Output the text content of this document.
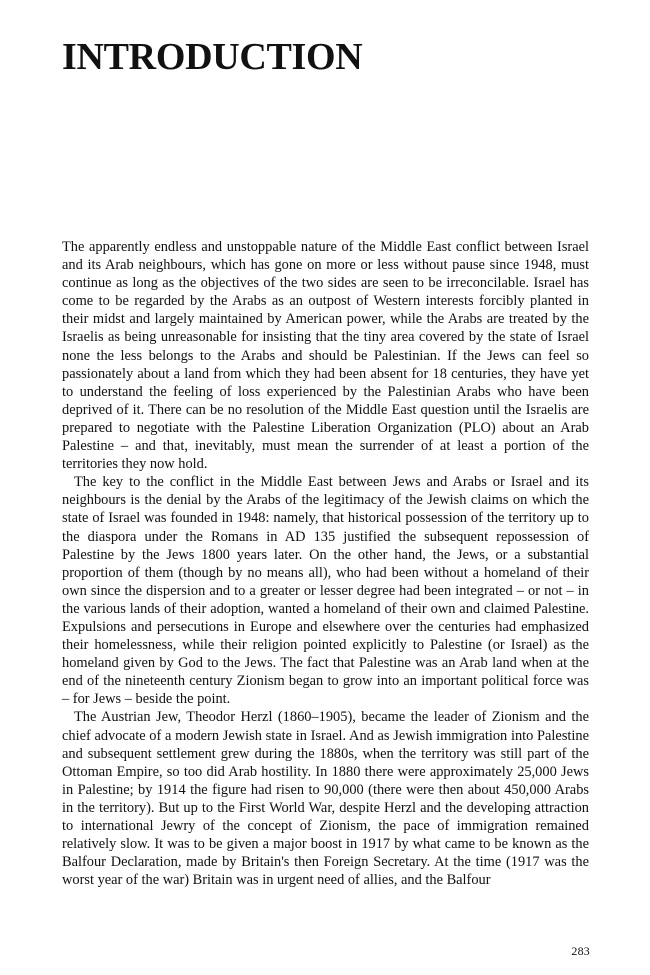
INTRODUCTION

The apparently endless and unstoppable nature of the Middle East conflict between Israel and its Arab neighbours, which has gone on more or less without pause since 1948, must continue as long as the objectives of the two sides are seen to be irreconcilable. Israel has come to be regarded by the Arabs as an outpost of Western interests forcibly planted in their midst and largely maintained by American power, while the Arabs are treated by the Israelis as being unreasonable for insisting that the tiny area covered by the state of Israel none the less belongs to the Arabs and should be Palestinian. If the Jews can feel so passionately about a land from which they had been absent for 18 centuries, they have yet to understand the feeling of loss experienced by the Palestinian Arabs who have been deprived of it. There can be no resolution of the Middle East question until the Israelis are prepared to negotiate with the Palestine Liberation Organization (PLO) about an Arab Palestine – and that, inevitably, must mean the surrender of at least a portion of the territories they now hold.

The key to the conflict in the Middle East between Jews and Arabs or Israel and its neighbours is the denial by the Arabs of the legitimacy of the Jewish claims on which the state of Israel was founded in 1948: namely, that historical possession of the territory up to the diaspora under the Romans in AD 135 justified the subsequent repossession of Palestine by the Jews 1800 years later. On the other hand, the Jews, or a substantial proportion of them (though by no means all), who had been without a homeland of their own since the dispersion and to a greater or lesser degree had been integrated – or not – in the various lands of their adoption, wanted a homeland of their own and claimed Palestine. Expulsions and persecutions in Europe and elsewhere over the centuries had emphasized their homelessness, while their religion pointed explicitly to Palestine (or Israel) as the homeland given by God to the Jews. The fact that Palestine was an Arab land when at the end of the nineteenth century Zionism began to grow into an important political force was – for Jews – beside the point.

The Austrian Jew, Theodor Herzl (1860–1905), became the leader of Zionism and the chief advocate of a modern Jewish state in Israel. And as Jewish immigration into Palestine and subsequent settlement grew during the 1880s, when the territory was still part of the Ottoman Empire, so too did Arab hostility. In 1880 there were approximately 25,000 Jews in Palestine; by 1914 the figure had risen to 90,000 (there were then about 450,000 Arabs in the territory). But up to the First World War, despite Herzl and the developing attraction to international Jewry of the concept of Zionism, the pace of immigration remained relatively slow. It was to be given a major boost in 1917 by what came to be known as the Balfour Declaration, made by Britain's then Foreign Secretary. At the time (1917 was the worst year of the war) Britain was in urgent need of allies, and the Balfour

283
